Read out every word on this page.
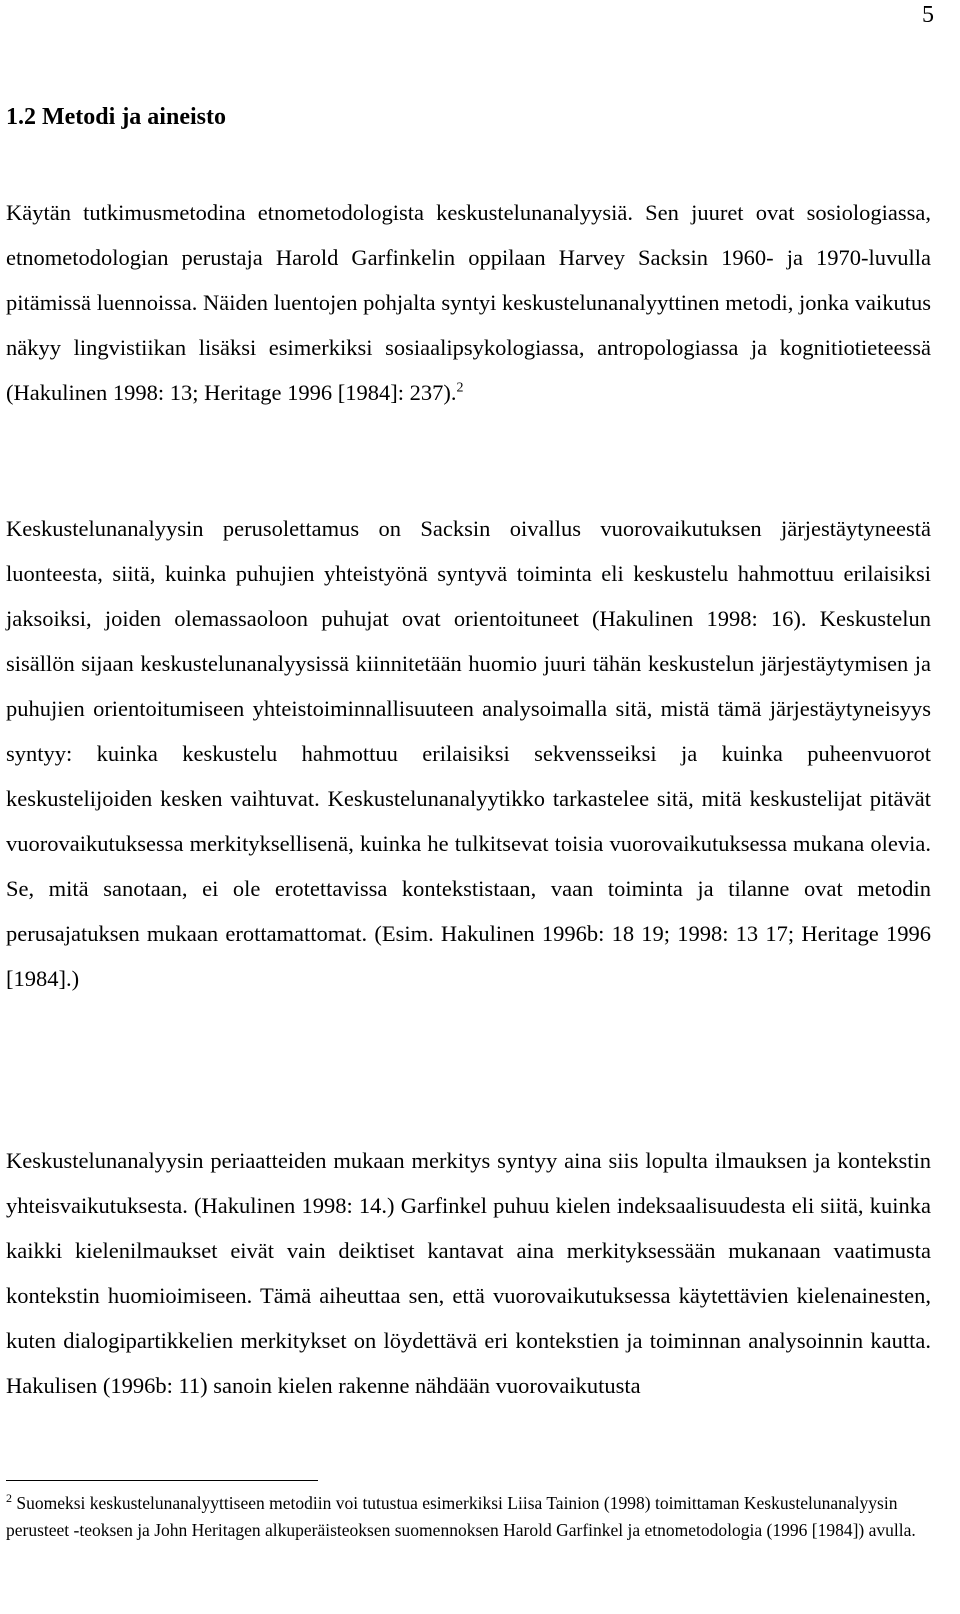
5
1.2 Metodi ja aineisto

Käytän tutkimusmetodina etnometodologista keskustelunanalyysiä. Sen juuret ovat sosiologiassa, etnometodologian perustaja Harold Garfinkelin oppilaan Harvey Sacksin 1960- ja 1970-luvulla pitämissä luennoissa. Näiden luentojen pohjalta syntyi keskustelunanalyyttinen metodi, jonka vaikutus näkyy lingvistiikan lisäksi esimerkiksi sosiaalipsykologiassa, antropologiassa ja kognitiotieteessä (Hakulinen 1998: 13; Heritage 1996 [1984]: 237).$^2$

Keskustelunanalyysin perusolettamus on Sacksin oivallus vuorovaikutuksen järjestäytyneestä luonteesta, siitä, kuinka puhujien yhteistyönä syntyvä toiminta eli keskustelu hahmottuu erilaisiksi jaksoiksi, joiden olemassaoloon puhujat ovat orientoituneet (Hakulinen 1998: 16). Keskustelun sisällön sijaan keskustelunanalyysissä kiinnitetään huomio juuri tähän keskustelun järjestäytymisen ja puhujien orientoitumiseen yhteistoiminnallisuuteen analysoimalla sitä, mistä tämä järjestäytyneisyys syntyy: kuinka keskustelu hahmottuu erilaisiksi sekvensseiksi ja kuinka puheenvuorot keskustelijoiden kesken vaihtuvat. Keskustelunanalyytikko tarkastelee sitä, mitä keskustelijat pitävät vuorovaikutuksessa merkityksellisenä, kuinka he tulkitsevat toisia vuorovaikutuksessa mukana olevia. Se, mitä sanotaan, ei ole erotettavissa kontekstistaan, vaan toiminta ja tilanne ovat metodin perusajatuksen mukaan erottamattomat. (Esim. Hakulinen 1996b: 18 19; 1998: 13 17; Heritage 1996 [1984].)

Keskustelunanalyysin periaatteiden mukaan merkitys syntyy aina siis lopulta ilmauksen ja kontekstin yhteisvaikutuksesta. (Hakulinen 1998: 14.) Garfinkel puhuu kielen indeksaalisuudesta eli siitä, kuinka kaikki kielenilmaukset eivät vain deiktiset kantavat aina merkityksessään mukanaan vaatimusta kontekstin huomioimiseen. Tämä aiheuttaa sen, että vuorovaikutuksessa käytettävien kielenainesten, kuten dialogipartikkelien merkitykset on löydettävä eri kontekstien ja toiminnan analysoinnin kautta. Hakulisen (1996b: 11) sanoin kielen rakenne nähdään vuorovaikutusta

$^2$ Suomeksi keskustelunanalyyttiseen metodiin voi tutustua esimerkiksi Liisa Tainion (1998) toimittaman Keskustelunanalyysin perusteet -teoksen ja John Heritagen alkuperäisteoksen suomennoksen Harold Garfinkel ja etnometodologia (1996 [1984]) avulla.
